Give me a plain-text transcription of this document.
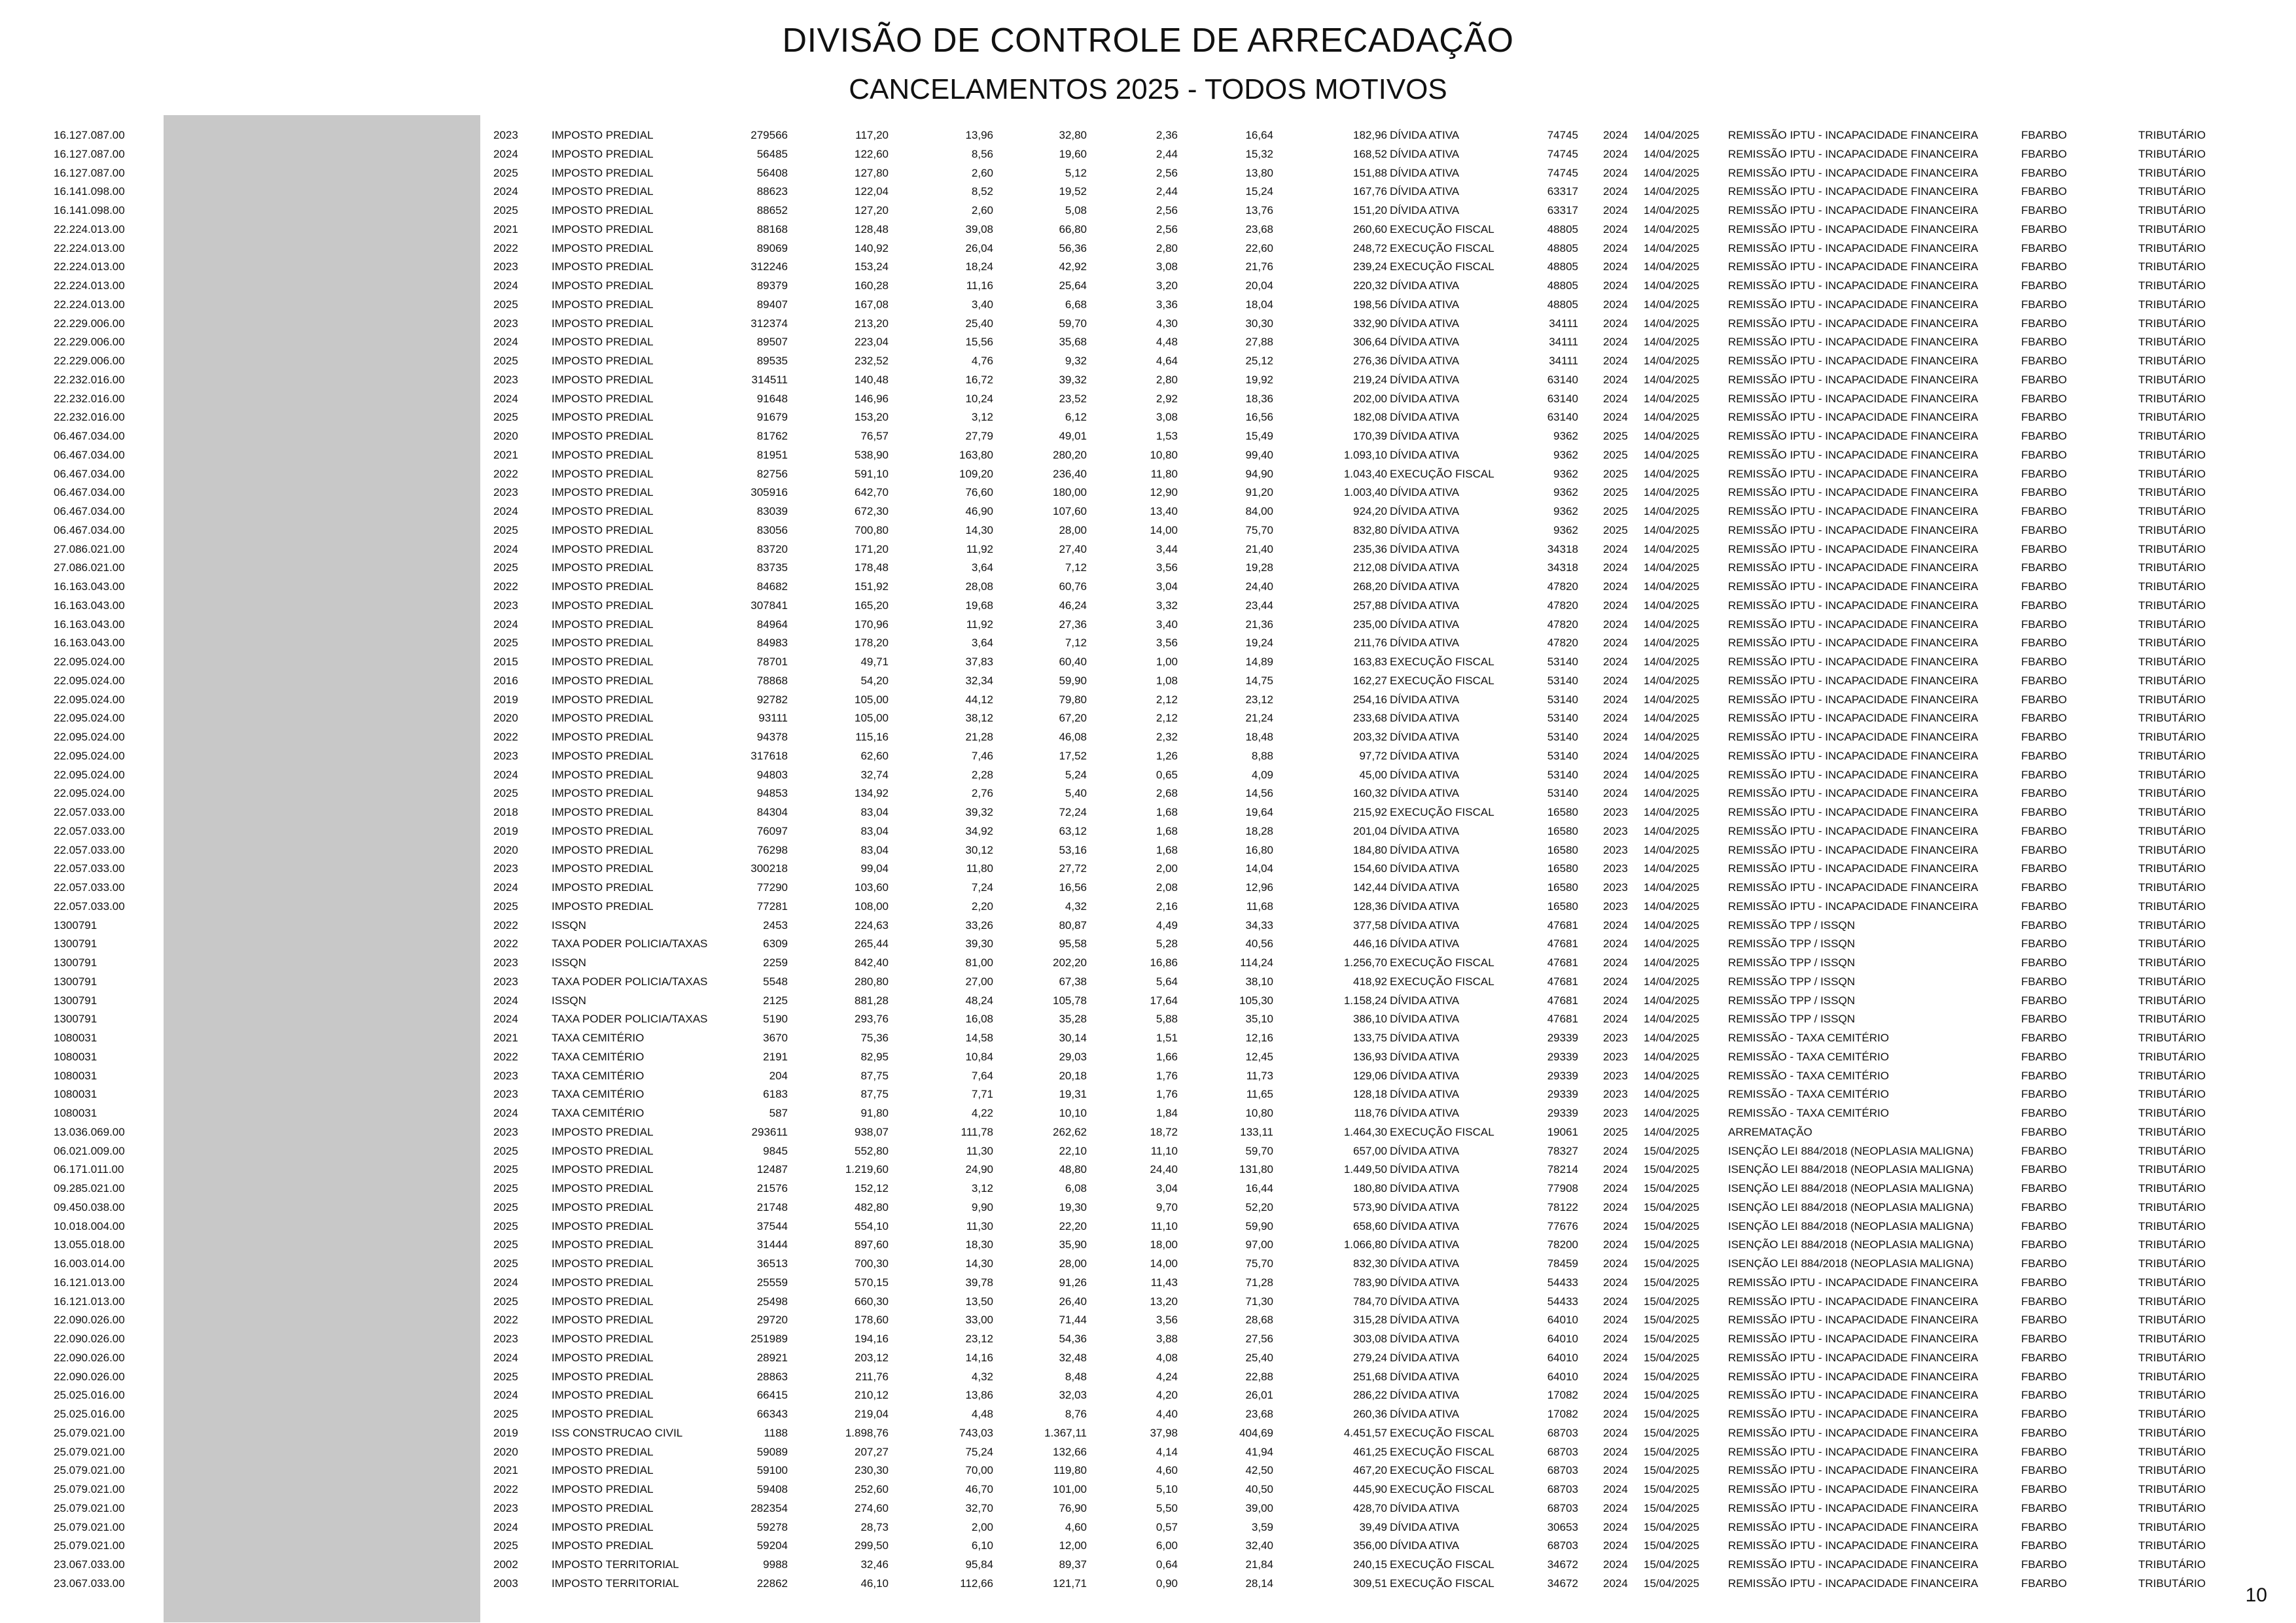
DIVISÃO DE CONTROLE DE ARRECADAÇÃO
CANCELAMENTOS 2025 - TODOS MOTIVOS
16.127.087.00	2023	IMPOSTO PREDIAL	279566	117,20	13,96	32,80	2,36	16,64	182,96 DÍVIDA ATIVA	74745 2024 14/04/2025	REMISSÃO IPTU - INCAPACIDADE FINANCEIRA	FBARBO	TRIBUTÁRIO
16.127.087.00	2024	IMPOSTO PREDIAL	56485	122,60	8,56	19,60	2,44	15,32	168,52 DÍVIDA ATIVA	74745 2024 14/04/2025	REMISSÃO IPTU - INCAPACIDADE FINANCEIRA	FBARBO	TRIBUTÁRIO
16.127.087.00	2025	IMPOSTO PREDIAL	56408	127,80	2,60	5,12	2,56	13,80	151,88 DÍVIDA ATIVA	74745 2024 14/04/2025	REMISSÃO IPTU - INCAPACIDADE FINANCEIRA	FBARBO	TRIBUTÁRIO
16.141.098.00	2024	IMPOSTO PREDIAL	88623	122,04	8,52	19,52	2,44	15,24	167,76 DÍVIDA ATIVA	63317 2024 14/04/2025	REMISSÃO IPTU - INCAPACIDADE FINANCEIRA	FBARBO	TRIBUTÁRIO
16.141.098.00	2025	IMPOSTO PREDIAL	88652	127,20	2,60	5,08	2,56	13,76	151,20 DÍVIDA ATIVA	63317 2024 14/04/2025	REMISSÃO IPTU - INCAPACIDADE FINANCEIRA	FBARBO	TRIBUTÁRIO
22.224.013.00	2021	IMPOSTO PREDIAL	88168	128,48	39,08	66,80	2,56	23,68	260,60 EXECUÇÃO FISCAL	48805 2024 14/04/2025	REMISSÃO IPTU - INCAPACIDADE FINANCEIRA	FBARBO	TRIBUTÁRIO
22.224.013.00	2022	IMPOSTO PREDIAL	89069	140,92	26,04	56,36	2,80	22,60	248,72 EXECUÇÃO FISCAL	48805 2024 14/04/2025	REMISSÃO IPTU - INCAPACIDADE FINANCEIRA	FBARBO	TRIBUTÁRIO
22.224.013.00	2023	IMPOSTO PREDIAL	312246	153,24	18,24	42,92	3,08	21,76	239,24 EXECUÇÃO FISCAL	48805 2024 14/04/2025	REMISSÃO IPTU - INCAPACIDADE FINANCEIRA	FBARBO	TRIBUTÁRIO
22.224.013.00	2024	IMPOSTO PREDIAL	89379	160,28	11,16	25,64	3,20	20,04	220,32 DÍVIDA ATIVA	48805 2024 14/04/2025	REMISSÃO IPTU - INCAPACIDADE FINANCEIRA	FBARBO	TRIBUTÁRIO
22.224.013.00	2025	IMPOSTO PREDIAL	89407	167,08	3,40	6,68	3,36	18,04	198,56 DÍVIDA ATIVA	48805 2024 14/04/2025	REMISSÃO IPTU - INCAPACIDADE FINANCEIRA	FBARBO	TRIBUTÁRIO
22.229.006.00	2023	IMPOSTO PREDIAL	312374	213,20	25,40	59,70	4,30	30,30	332,90 DÍVIDA ATIVA	34111 2024 14/04/2025	REMISSÃO IPTU - INCAPACIDADE FINANCEIRA	FBARBO	TRIBUTÁRIO
22.229.006.00	2024	IMPOSTO PREDIAL	89507	223,04	15,56	35,68	4,48	27,88	306,64 DÍVIDA ATIVA	34111 2024 14/04/2025	REMISSÃO IPTU - INCAPACIDADE FINANCEIRA	FBARBO	TRIBUTÁRIO
22.229.006.00	2025	IMPOSTO PREDIAL	89535	232,52	4,76	9,32	4,64	25,12	276,36 DÍVIDA ATIVA	34111 2024 14/04/2025	REMISSÃO IPTU - INCAPACIDADE FINANCEIRA	FBARBO	TRIBUTÁRIO
22.232.016.00	2023	IMPOSTO PREDIAL	314511	140,48	16,72	39,32	2,80	19,92	219,24 DÍVIDA ATIVA	63140 2024 14/04/2025	REMISSÃO IPTU - INCAPACIDADE FINANCEIRA	FBARBO	TRIBUTÁRIO
22.232.016.00	2024	IMPOSTO PREDIAL	91648	146,96	10,24	23,52	2,92	18,36	202,00 DÍVIDA ATIVA	63140 2024 14/04/2025	REMISSÃO IPTU - INCAPACIDADE FINANCEIRA	FBARBO	TRIBUTÁRIO
22.232.016.00	2025	IMPOSTO PREDIAL	91679	153,20	3,12	6,12	3,08	16,56	182,08 DÍVIDA ATIVA	63140 2024 14/04/2025	REMISSÃO IPTU - INCAPACIDADE FINANCEIRA	FBARBO	TRIBUTÁRIO
06.467.034.00	2020	IMPOSTO PREDIAL	81762	76,57	27,79	49,01	1,53	15,49	170,39 DÍVIDA ATIVA	9362 2025 14/04/2025	REMISSÃO IPTU - INCAPACIDADE FINANCEIRA	FBARBO	TRIBUTÁRIO
06.467.034.00	2021	IMPOSTO PREDIAL	81951	538,90	163,80	280,20	10,80	99,40	1.093,10 DÍVIDA ATIVA	9362 2025 14/04/2025	REMISSÃO IPTU - INCAPACIDADE FINANCEIRA	FBARBO	TRIBUTÁRIO
06.467.034.00	2022	IMPOSTO PREDIAL	82756	591,10	109,20	236,40	11,80	94,90	1.043,40 EXECUÇÃO FISCAL	9362 2025 14/04/2025	REMISSÃO IPTU - INCAPACIDADE FINANCEIRA	FBARBO	TRIBUTÁRIO
06.467.034.00	2023	IMPOSTO PREDIAL	305916	642,70	76,60	180,00	12,90	91,20	1.003,40 DÍVIDA ATIVA	9362 2025 14/04/2025	REMISSÃO IPTU - INCAPACIDADE FINANCEIRA	FBARBO	TRIBUTÁRIO
06.467.034.00	2024	IMPOSTO PREDIAL	83039	672,30	46,90	107,60	13,40	84,00	924,20 DÍVIDA ATIVA	9362 2025 14/04/2025	REMISSÃO IPTU - INCAPACIDADE FINANCEIRA	FBARBO	TRIBUTÁRIO
06.467.034.00	2025	IMPOSTO PREDIAL	83056	700,80	14,30	28,00	14,00	75,70	832,80 DÍVIDA ATIVA	9362 2025 14/04/2025	REMISSÃO IPTU - INCAPACIDADE FINANCEIRA	FBARBO	TRIBUTÁRIO
27.086.021.00	2024	IMPOSTO PREDIAL	83720	171,20	11,92	27,40	3,44	21,40	235,36 DÍVIDA ATIVA	34318 2024 14/04/2025	REMISSÃO IPTU - INCAPACIDADE FINANCEIRA	FBARBO	TRIBUTÁRIO
27.086.021.00	2025	IMPOSTO PREDIAL	83735	178,48	3,64	7,12	3,56	19,28	212,08 DÍVIDA ATIVA	34318 2024 14/04/2025	REMISSÃO IPTU - INCAPACIDADE FINANCEIRA	FBARBO	TRIBUTÁRIO
16.163.043.00	2022	IMPOSTO PREDIAL	84682	151,92	28,08	60,76	3,04	24,40	268,20 DÍVIDA ATIVA	47820 2024 14/04/2025	REMISSÃO IPTU - INCAPACIDADE FINANCEIRA	FBARBO	TRIBUTÁRIO
16.163.043.00	2023	IMPOSTO PREDIAL	307841	165,20	19,68	46,24	3,32	23,44	257,88 DÍVIDA ATIVA	47820 2024 14/04/2025	REMISSÃO IPTU - INCAPACIDADE FINANCEIRA	FBARBO	TRIBUTÁRIO
16.163.043.00	2024	IMPOSTO PREDIAL	84964	170,96	11,92	27,36	3,40	21,36	235,00 DÍVIDA ATIVA	47820 2024 14/04/2025	REMISSÃO IPTU - INCAPACIDADE FINANCEIRA	FBARBO	TRIBUTÁRIO
16.163.043.00	2025	IMPOSTO PREDIAL	84983	178,20	3,64	7,12	3,56	19,24	211,76 DÍVIDA ATIVA	47820 2024 14/04/2025	REMISSÃO IPTU - INCAPACIDADE FINANCEIRA	FBARBO	TRIBUTÁRIO
22.095.024.00	2015	IMPOSTO PREDIAL	78701	49,71	37,83	60,40	1,00	14,89	163,83 EXECUÇÃO FISCAL	53140 2024 14/04/2025	REMISSÃO IPTU - INCAPACIDADE FINANCEIRA	FBARBO	TRIBUTÁRIO
22.095.024.00	2016	IMPOSTO PREDIAL	78868	54,20	32,34	59,90	1,08	14,75	162,27 EXECUÇÃO FISCAL	53140 2024 14/04/2025	REMISSÃO IPTU - INCAPACIDADE FINANCEIRA	FBARBO	TRIBUTÁRIO
22.095.024.00	2019	IMPOSTO PREDIAL	92782	105,00	44,12	79,80	2,12	23,12	254,16 DÍVIDA ATIVA	53140 2024 14/04/2025	REMISSÃO IPTU - INCAPACIDADE FINANCEIRA	FBARBO	TRIBUTÁRIO
22.095.024.00	2020	IMPOSTO PREDIAL	93111	105,00	38,12	67,20	2,12	21,24	233,68 DÍVIDA ATIVA	53140 2024 14/04/2025	REMISSÃO IPTU - INCAPACIDADE FINANCEIRA	FBARBO	TRIBUTÁRIO
22.095.024.00	2022	IMPOSTO PREDIAL	94378	115,16	21,28	46,08	2,32	18,48	203,32 DÍVIDA ATIVA	53140 2024 14/04/2025	REMISSÃO IPTU - INCAPACIDADE FINANCEIRA	FBARBO	TRIBUTÁRIO
22.095.024.00	2023	IMPOSTO PREDIAL	317618	62,60	7,46	17,52	1,26	8,88	97,72 DÍVIDA ATIVA	53140 2024 14/04/2025	REMISSÃO IPTU - INCAPACIDADE FINANCEIRA	FBARBO	TRIBUTÁRIO
22.095.024.00	2024	IMPOSTO PREDIAL	94803	32,74	2,28	5,24	0,65	4,09	45,00 DÍVIDA ATIVA	53140 2024 14/04/2025	REMISSÃO IPTU - INCAPACIDADE FINANCEIRA	FBARBO	TRIBUTÁRIO
22.095.024.00	2025	IMPOSTO PREDIAL	94853	134,92	2,76	5,40	2,68	14,56	160,32 DÍVIDA ATIVA	53140 2024 14/04/2025	REMISSÃO IPTU - INCAPACIDADE FINANCEIRA	FBARBO	TRIBUTÁRIO
22.057.033.00	2018	IMPOSTO PREDIAL	84304	83,04	39,32	72,24	1,68	19,64	215,92 EXECUÇÃO FISCAL	16580 2023 14/04/2025	REMISSÃO IPTU - INCAPACIDADE FINANCEIRA	FBARBO	TRIBUTÁRIO
22.057.033.00	2019	IMPOSTO PREDIAL	76097	83,04	34,92	63,12	1,68	18,28	201,04 DÍVIDA ATIVA	16580 2023 14/04/2025	REMISSÃO IPTU - INCAPACIDADE FINANCEIRA	FBARBO	TRIBUTÁRIO
22.057.033.00	2020	IMPOSTO PREDIAL	76298	83,04	30,12	53,16	1,68	16,80	184,80 DÍVIDA ATIVA	16580 2023 14/04/2025	REMISSÃO IPTU - INCAPACIDADE FINANCEIRA	FBARBO	TRIBUTÁRIO
22.057.033.00	2023	IMPOSTO PREDIAL	300218	99,04	11,80	27,72	2,00	14,04	154,60 DÍVIDA ATIVA	16580 2023 14/04/2025	REMISSÃO IPTU - INCAPACIDADE FINANCEIRA	FBARBO	TRIBUTÁRIO
22.057.033.00	2024	IMPOSTO PREDIAL	77290	103,60	7,24	16,56	2,08	12,96	142,44 DÍVIDA ATIVA	16580 2023 14/04/2025	REMISSÃO IPTU - INCAPACIDADE FINANCEIRA	FBARBO	TRIBUTÁRIO
22.057.033.00	2025	IMPOSTO PREDIAL	77281	108,00	2,20	4,32	2,16	11,68	128,36 DÍVIDA ATIVA	16580 2023 14/04/2025	REMISSÃO IPTU - INCAPACIDADE FINANCEIRA	FBARBO	TRIBUTÁRIO
1300791	2022	ISSQN	2453	224,63	33,26	80,87	4,49	34,33	377,58 DÍVIDA ATIVA	47681 2024 14/04/2025	REMISSÃO TPP / ISSQN	FBARBO	TRIBUTÁRIO
1300791	2022	TAXA PODER POLICIA/TAXAS	6309	265,44	39,30	95,58	5,28	40,56	446,16 DÍVIDA ATIVA	47681 2024 14/04/2025	REMISSÃO TPP / ISSQN	FBARBO	TRIBUTÁRIO
1300791	2023	ISSQN	2259	842,40	81,00	202,20	16,86	114,24	1.256,70 EXECUÇÃO FISCAL	47681 2024 14/04/2025	REMISSÃO TPP / ISSQN	FBARBO	TRIBUTÁRIO
1300791	2023	TAXA PODER POLICIA/TAXAS	5548	280,80	27,00	67,38	5,64	38,10	418,92 EXECUÇÃO FISCAL	47681 2024 14/04/2025	REMISSÃO TPP / ISSQN	FBARBO	TRIBUTÁRIO
1300791	2024	ISSQN	2125	881,28	48,24	105,78	17,64	105,30	1.158,24 DÍVIDA ATIVA	47681 2024 14/04/2025	REMISSÃO TPP / ISSQN	FBARBO	TRIBUTÁRIO
1300791	2024	TAXA PODER POLICIA/TAXAS	5190	293,76	16,08	35,28	5,88	35,10	386,10 DÍVIDA ATIVA	47681 2024 14/04/2025	REMISSÃO TPP / ISSQN	FBARBO	TRIBUTÁRIO
1080031	2021	TAXA CEMITÉRIO	3670	75,36	14,58	30,14	1,51	12,16	133,75 DÍVIDA ATIVA	29339 2023 14/04/2025	REMISSÃO - TAXA CEMITÉRIO	FBARBO	TRIBUTÁRIO
1080031	2022	TAXA CEMITÉRIO	2191	82,95	10,84	29,03	1,66	12,45	136,93 DÍVIDA ATIVA	29339 2023 14/04/2025	REMISSÃO - TAXA CEMITÉRIO	FBARBO	TRIBUTÁRIO
1080031	2023	TAXA CEMITÉRIO	204	87,75	7,64	20,18	1,76	11,73	129,06 DÍVIDA ATIVA	29339 2023 14/04/2025	REMISSÃO - TAXA CEMITÉRIO	FBARBO	TRIBUTÁRIO
1080031	2023	TAXA CEMITÉRIO	6183	87,75	7,71	19,31	1,76	11,65	128,18 DÍVIDA ATIVA	29339 2023 14/04/2025	REMISSÃO - TAXA CEMITÉRIO	FBARBO	TRIBUTÁRIO
1080031	2024	TAXA CEMITÉRIO	587	91,80	4,22	10,10	1,84	10,80	118,76 DÍVIDA ATIVA	29339 2023 14/04/2025	REMISSÃO - TAXA CEMITÉRIO	FBARBO	TRIBUTÁRIO
13.036.069.00	2023	IMPOSTO PREDIAL	293611	938,07	111,78	262,62	18,72	133,11	1.464,30 EXECUÇÃO FISCAL	19061 2025 14/04/2025	ARREMATAÇÃO	FBARBO	TRIBUTÁRIO
06.021.009.00	2025	IMPOSTO PREDIAL	9845	552,80	11,30	22,10	11,10	59,70	657,00 DÍVIDA ATIVA	78327 2024 15/04/2025	ISENÇÃO LEI 884/2018 (NEOPLASIA MALIGNA)	FBARBO	TRIBUTÁRIO
06.171.011.00	2025	IMPOSTO PREDIAL	12487	1.219,60	24,90	48,80	24,40	131,80	1.449,50 DÍVIDA ATIVA	78214 2024 15/04/2025	ISENÇÃO LEI 884/2018 (NEOPLASIA MALIGNA)	FBARBO	TRIBUTÁRIO
09.285.021.00	2025	IMPOSTO PREDIAL	21576	152,12	3,12	6,08	3,04	16,44	180,80 DÍVIDA ATIVA	77908 2024 15/04/2025	ISENÇÃO LEI 884/2018 (NEOPLASIA MALIGNA)	FBARBO	TRIBUTÁRIO
09.450.038.00	2025	IMPOSTO PREDIAL	21748	482,80	9,90	19,30	9,70	52,20	573,90 DÍVIDA ATIVA	78122 2024 15/04/2025	ISENÇÃO LEI 884/2018 (NEOPLASIA MALIGNA)	FBARBO	TRIBUTÁRIO
10.018.004.00	2025	IMPOSTO PREDIAL	37544	554,10	11,30	22,20	11,10	59,90	658,60 DÍVIDA ATIVA	77676 2024 15/04/2025	ISENÇÃO LEI 884/2018 (NEOPLASIA MALIGNA)	FBARBO	TRIBUTÁRIO
13.055.018.00	2025	IMPOSTO PREDIAL	31444	897,60	18,30	35,90	18,00	97,00	1.066,80 DÍVIDA ATIVA	78200 2024 15/04/2025	ISENÇÃO LEI 884/2018 (NEOPLASIA MALIGNA)	FBARBO	TRIBUTÁRIO
16.003.014.00	2025	IMPOSTO PREDIAL	36513	700,30	14,30	28,00	14,00	75,70	832,30 DÍVIDA ATIVA	78459 2024 15/04/2025	ISENÇÃO LEI 884/2018 (NEOPLASIA MALIGNA)	FBARBO	TRIBUTÁRIO
16.121.013.00	2024	IMPOSTO PREDIAL	25559	570,15	39,78	91,26	11,43	71,28	783,90 DÍVIDA ATIVA	54433 2024 15/04/2025	REMISSÃO IPTU - INCAPACIDADE FINANCEIRA	FBARBO	TRIBUTÁRIO
16.121.013.00	2025	IMPOSTO PREDIAL	25498	660,30	13,50	26,40	13,20	71,30	784,70 DÍVIDA ATIVA	54433 2024 15/04/2025	REMISSÃO IPTU - INCAPACIDADE FINANCEIRA	FBARBO	TRIBUTÁRIO
22.090.026.00	2022	IMPOSTO PREDIAL	29720	178,60	33,00	71,44	3,56	28,68	315,28 DÍVIDA ATIVA	64010 2024 15/04/2025	REMISSÃO IPTU - INCAPACIDADE FINANCEIRA	FBARBO	TRIBUTÁRIO
22.090.026.00	2023	IMPOSTO PREDIAL	251989	194,16	23,12	54,36	3,88	27,56	303,08 DÍVIDA ATIVA	64010 2024 15/04/2025	REMISSÃO IPTU - INCAPACIDADE FINANCEIRA	FBARBO	TRIBUTÁRIO
22.090.026.00	2024	IMPOSTO PREDIAL	28921	203,12	14,16	32,48	4,08	25,40	279,24 DÍVIDA ATIVA	64010 2024 15/04/2025	REMISSÃO IPTU - INCAPACIDADE FINANCEIRA	FBARBO	TRIBUTÁRIO
22.090.026.00	2025	IMPOSTO PREDIAL	28863	211,76	4,32	8,48	4,24	22,88	251,68 DÍVIDA ATIVA	64010 2024 15/04/2025	REMISSÃO IPTU - INCAPACIDADE FINANCEIRA	FBARBO	TRIBUTÁRIO
25.025.016.00	2024	IMPOSTO PREDIAL	66415	210,12	13,86	32,03	4,20	26,01	286,22 DÍVIDA ATIVA	17082 2024 15/04/2025	REMISSÃO IPTU - INCAPACIDADE FINANCEIRA	FBARBO	TRIBUTÁRIO
25.025.016.00	2025	IMPOSTO PREDIAL	66343	219,04	4,48	8,76	4,40	23,68	260,36 DÍVIDA ATIVA	17082 2024 15/04/2025	REMISSÃO IPTU - INCAPACIDADE FINANCEIRA	FBARBO	TRIBUTÁRIO
25.079.021.00	2019	ISS CONSTRUCAO CIVIL	1188	1.898,76	743,03	1.367,11	37,98	404,69	4.451,57 EXECUÇÃO FISCAL	68703 2024 15/04/2025	REMISSÃO IPTU - INCAPACIDADE FINANCEIRA	FBARBO	TRIBUTÁRIO
25.079.021.00	2020	IMPOSTO PREDIAL	59089	207,27	75,24	132,66	4,14	41,94	461,25 EXECUÇÃO FISCAL	68703 2024 15/04/2025	REMISSÃO IPTU - INCAPACIDADE FINANCEIRA	FBARBO	TRIBUTÁRIO
25.079.021.00	2021	IMPOSTO PREDIAL	59100	230,30	70,00	119,80	4,60	42,50	467,20 EXECUÇÃO FISCAL	68703 2024 15/04/2025	REMISSÃO IPTU - INCAPACIDADE FINANCEIRA	FBARBO	TRIBUTÁRIO
25.079.021.00	2022	IMPOSTO PREDIAL	59408	252,60	46,70	101,00	5,10	40,50	445,90 EXECUÇÃO FISCAL	68703 2024 15/04/2025	REMISSÃO IPTU - INCAPACIDADE FINANCEIRA	FBARBO	TRIBUTÁRIO
25.079.021.00	2023	IMPOSTO PREDIAL	282354	274,60	32,70	76,90	5,50	39,00	428,70 DÍVIDA ATIVA	68703 2024 15/04/2025	REMISSÃO IPTU - INCAPACIDADE FINANCEIRA	FBARBO	TRIBUTÁRIO
25.079.021.00	2024	IMPOSTO PREDIAL	59278	28,73	2,00	4,60	0,57	3,59	39,49 DÍVIDA ATIVA	30653 2024 15/04/2025	REMISSÃO IPTU - INCAPACIDADE FINANCEIRA	FBARBO	TRIBUTÁRIO
25.079.021.00	2025	IMPOSTO PREDIAL	59204	299,50	6,10	12,00	6,00	32,40	356,00 DÍVIDA ATIVA	68703 2024 15/04/2025	REMISSÃO IPTU - INCAPACIDADE FINANCEIRA	FBARBO	TRIBUTÁRIO
23.067.033.00	2002	IMPOSTO TERRITORIAL	9988	32,46	95,84	89,37	0,64	21,84	240,15 EXECUÇÃO FISCAL	34672 2024 15/04/2025	REMISSÃO IPTU - INCAPACIDADE FINANCEIRA	FBARBO	TRIBUTÁRIO
23.067.033.00	2003	IMPOSTO TERRITORIAL	22862	46,10	112,66	121,71	0,90	28,14	309,51 EXECUÇÃO FISCAL	34672 2024 15/04/2025	REMISSÃO IPTU - INCAPACIDADE FINANCEIRA	FBARBO	TRIBUTÁRIO
10
